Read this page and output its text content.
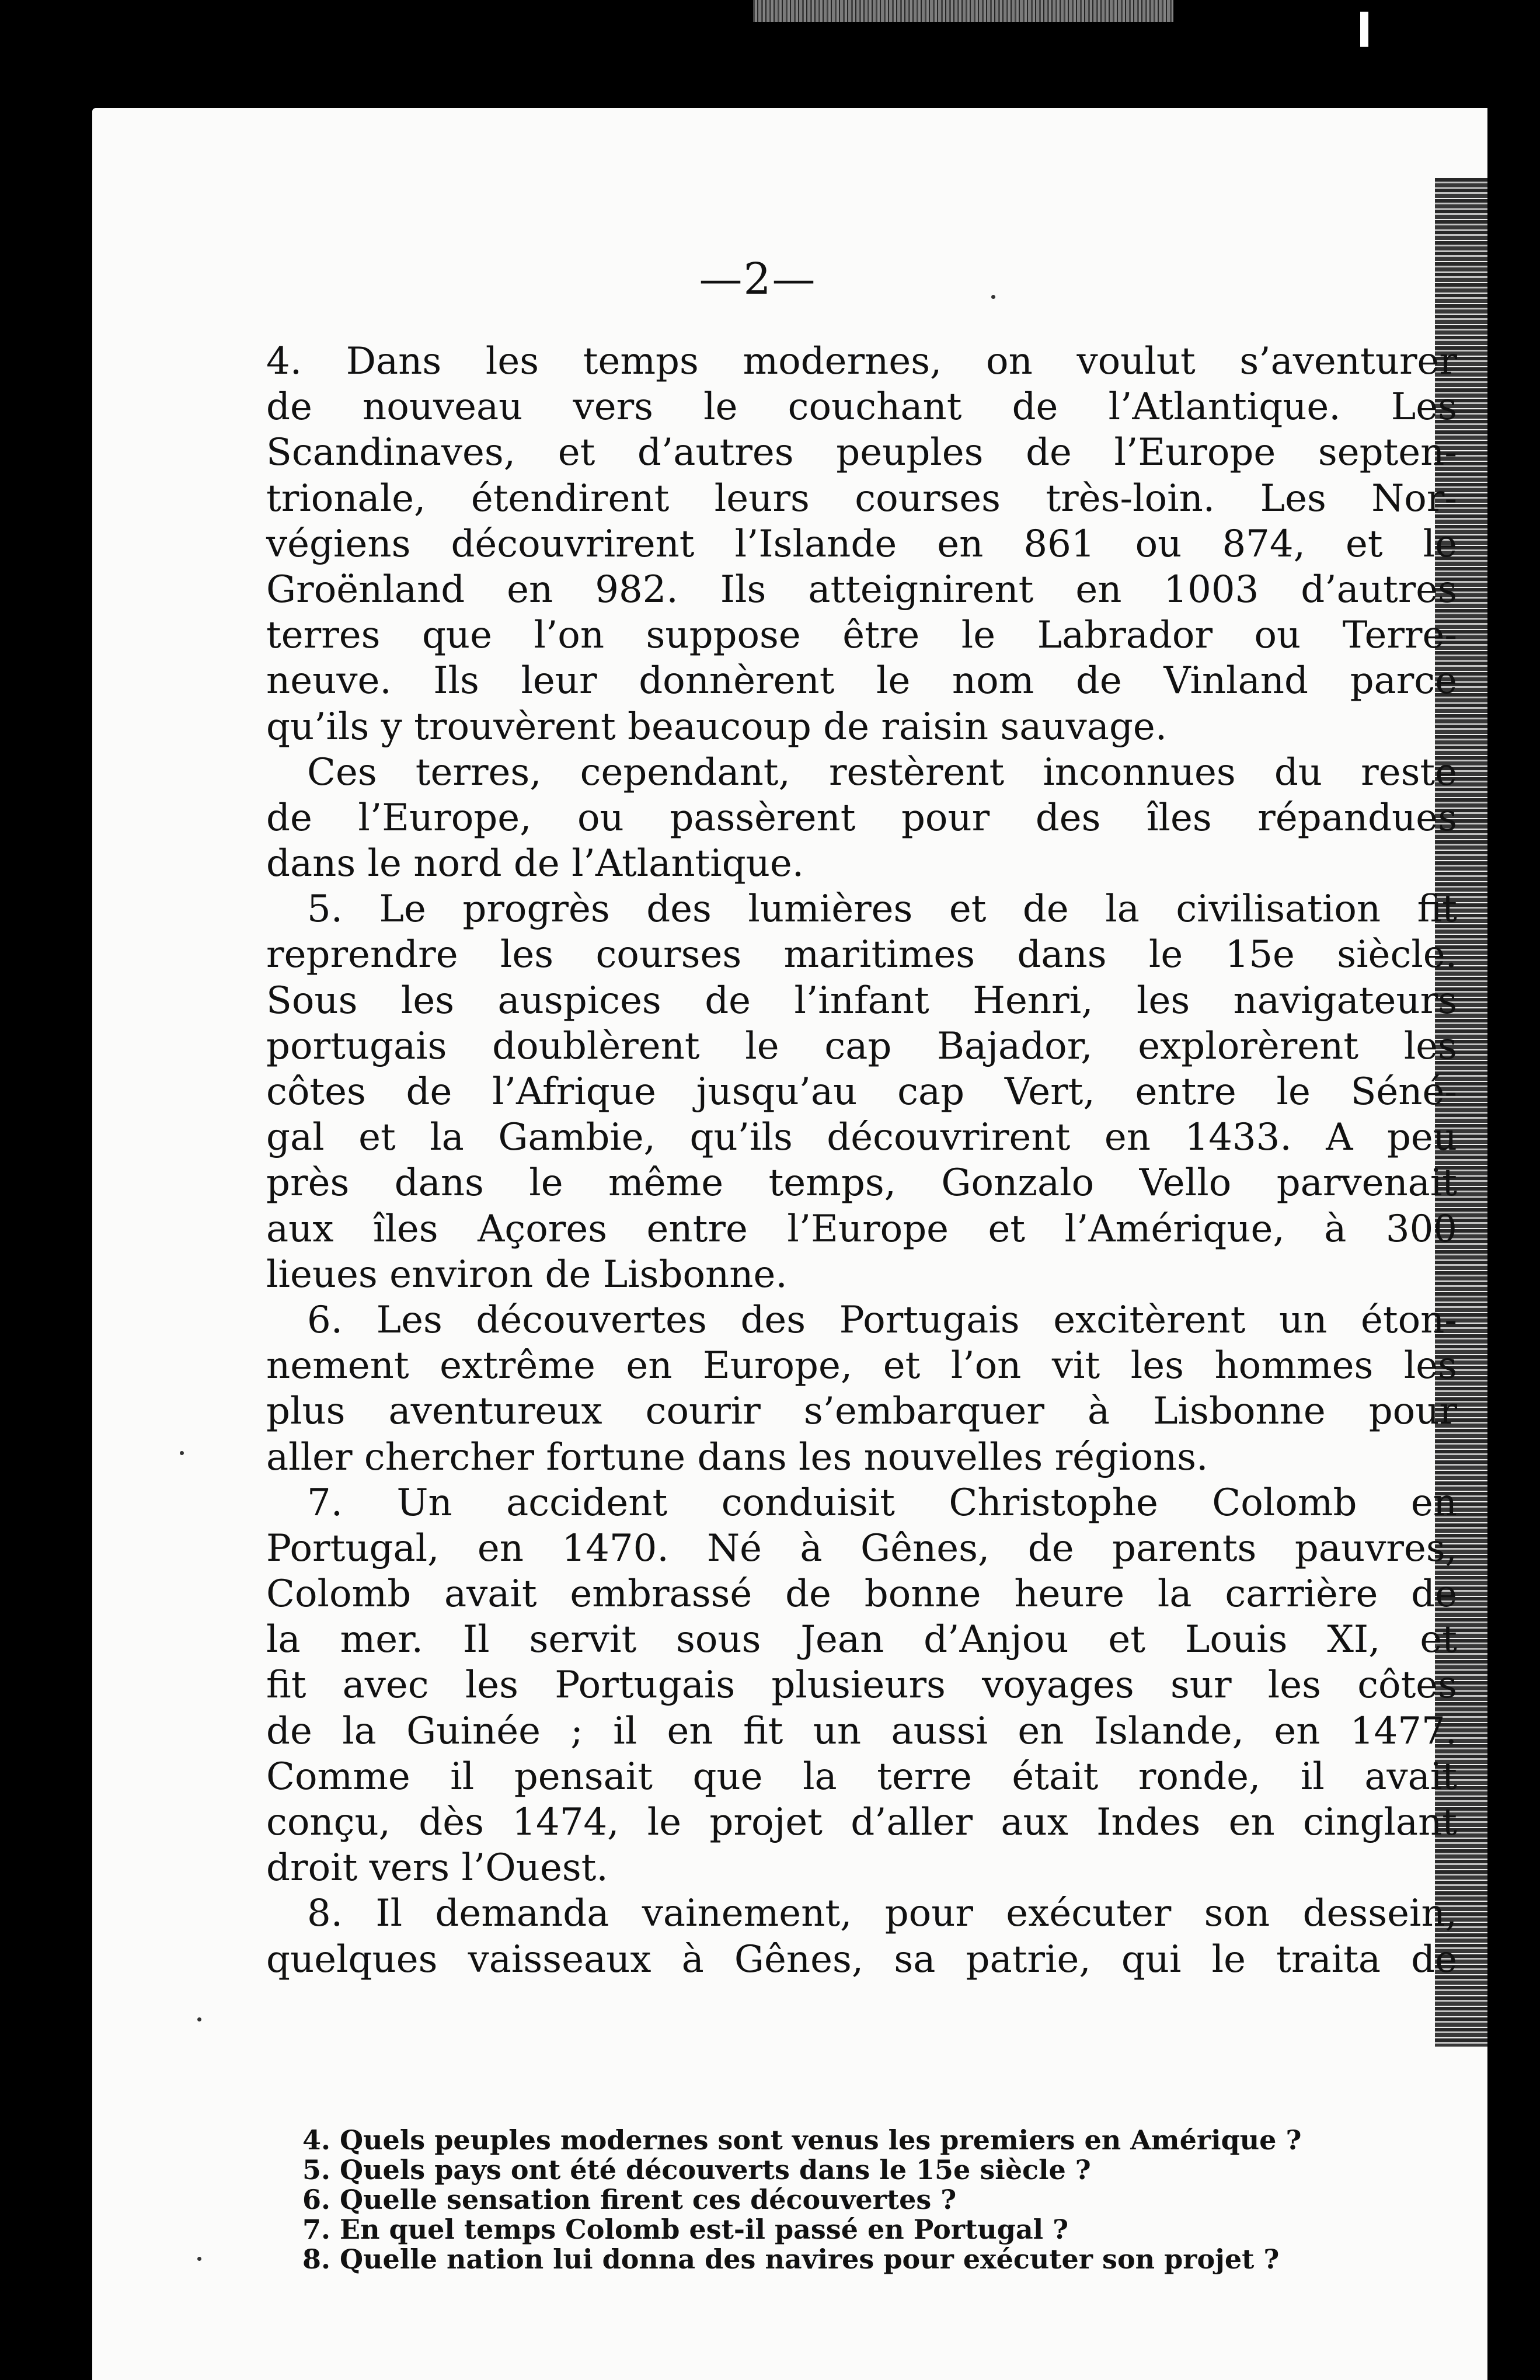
—2—
4. Dans les temps modernes, on voulut s’aventurer
de nouveau vers le couchant de l’Atlantique. Les
Scandinaves, et d’autres peuples de l’Europe septen-
trionale, étendirent leurs courses très-loin. Les Nor-
végiens découvrirent l’Islande en 861 ou 874, et le
Groënland en 982. Ils atteignirent en 1003 d’autres
terres que l’on suppose être le Labrador ou Terre-
neuve. Ils leur donnèrent le nom de Vinland parce
qu’ils y trouvèrent beaucoup de raisin sauvage.
Ces terres, cependant, restèrent inconnues du reste
de l’Europe, ou passèrent pour des îles répandues
dans le nord de l’Atlantique.
5. Le progrès des lumières et de la civilisation fit
reprendre les courses maritimes dans le 15e siècle.
Sous les auspices de l’infant Henri, les navigateurs
portugais doublèrent le cap Bajador, explorèrent les
côtes de l’Afrique jusqu’au cap Vert, entre le Séné-
gal et la Gambie, qu’ils découvrirent en 1433. A peu
près dans le même temps, Gonzalo Vello parvenait
aux îles Açores entre l’Europe et l’Amérique, à 300
lieues environ de Lisbonne.
6. Les découvertes des Portugais excitèrent un éton-
nement extrême en Europe, et l’on vit les hommes les
plus aventureux courir s’embarquer à Lisbonne pour
aller chercher fortune dans les nouvelles régions.
7. Un accident conduisit Christophe Colomb en
Portugal, en 1470. Né à Gênes, de parents pauvres,
Colomb avait embrassé de bonne heure la carrière de
la mer. Il servit sous Jean d’Anjou et Louis XI, et
fit avec les Portugais plusieurs voyages sur les côtes
de la Guinée ; il en fit un aussi en Islande, en 1477.
Comme il pensait que la terre était ronde, il avait
conçu, dès 1474, le projet d’aller aux Indes en cinglant
droit vers l’Ouest.
8. Il demanda vainement, pour exécuter son dessein,
quelques vaisseaux à Gênes, sa patrie, qui le traita de
4. Quels peuples modernes sont venus les premiers en Amérique ?
5. Quels pays ont été découverts dans le 15e siècle ?
6. Quelle sensation firent ces découvertes ?
7. En quel temps Colomb est-il passé en Portugal ?
8. Quelle nation lui donna des navires pour exécuter son projet ?
